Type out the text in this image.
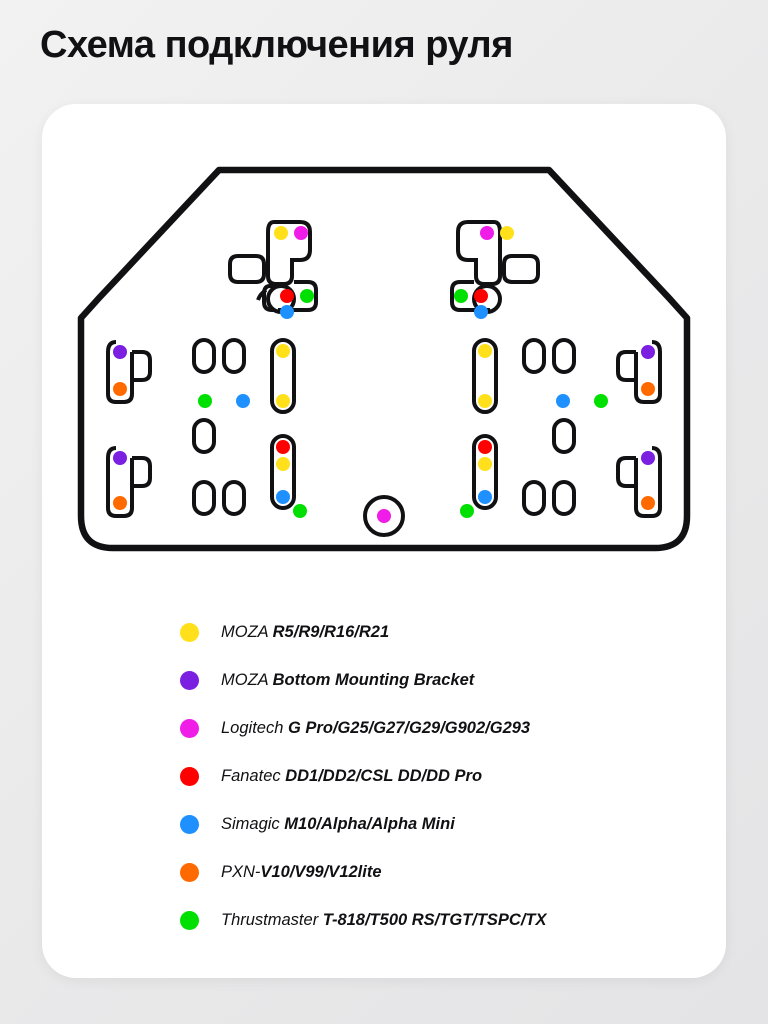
Схема подключения руля
MOZA R5/R9/R16/R21
MOZA Bottom Mounting Bracket
Logitech G Pro/G25/G27/G29/G902/G293
Fanatec DD1/DD2/CSL DD/DD Pro
Simagic M10/Alpha/Alpha Mini
PXN-V10/V99/V12lite
Thrustmaster T-818/T500 RS/TGT/TSPC/TX
